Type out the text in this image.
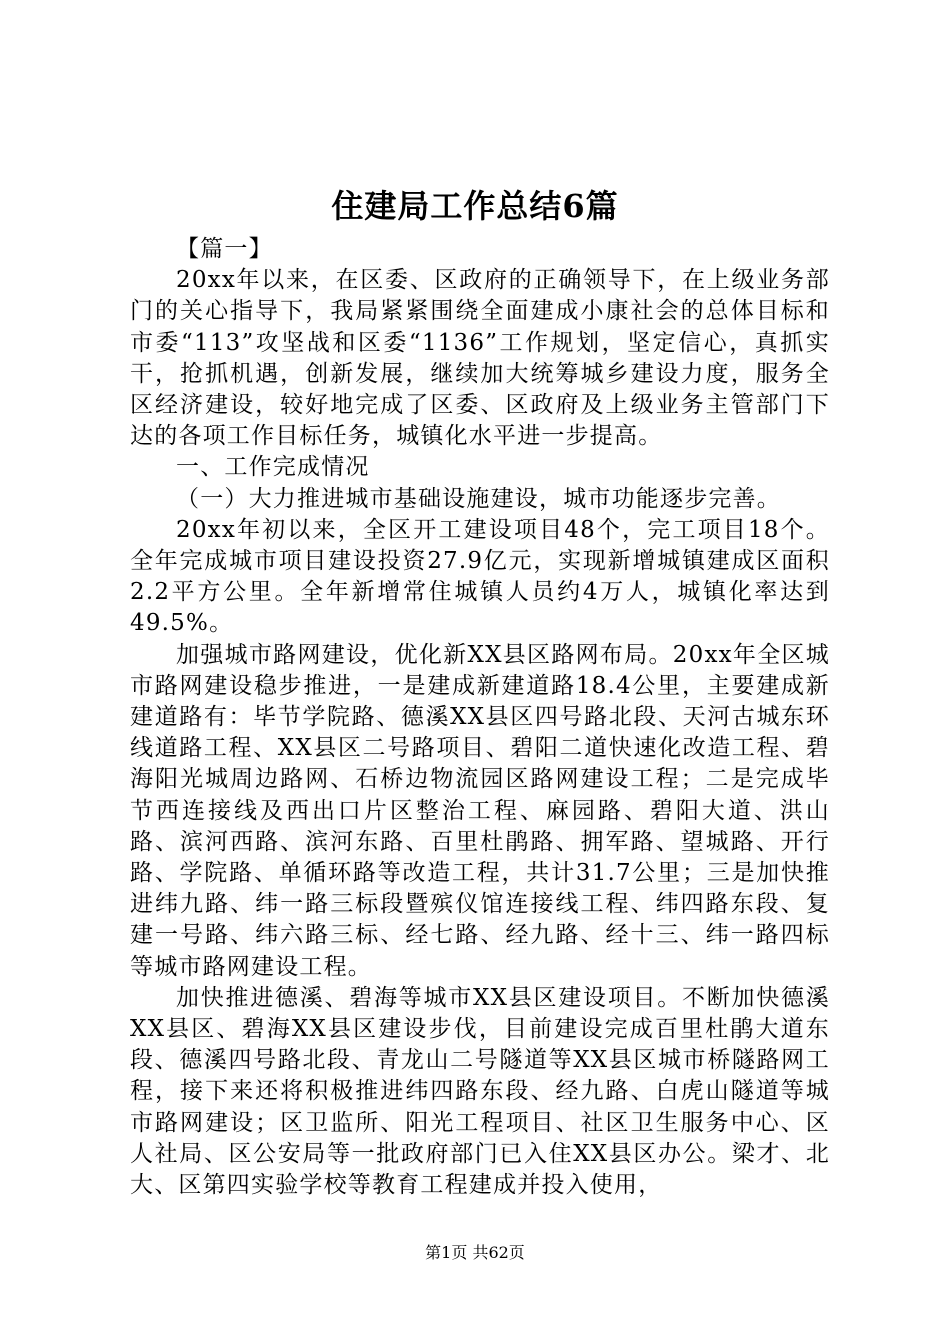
住建局工作总结6篇

【篇一】

20xx年以来，在区委、区政府的正确领导下，在上级业务部门的关心指导下，我局紧紧围绕全面建成小康社会的总体目标和市委“113”攻坚战和区委“1136”工作规划，坚定信心，真抓实干，抢抓机遇，创新发展，继续加大统筹城乡建设力度，服务全区经济建设，较好地完成了区委、区政府及上级业务主管部门下达的各项工作目标任务，城镇化水平进一步提高。

一、工作完成情况

（一）大力推进城市基础设施建设，城市功能逐步完善。

20xx年初以来，全区开工建设项目48个，完工项目18个。全年完成城市项目建设投资27.9亿元，实现新增城镇建成区面积2.2平方公里。全年新增常住城镇人员约4万人，城镇化率达到49.5%。

加强城市路网建设，优化新XX县区路网布局。20xx年全区城市路网建设稳步推进，一是建成新建道路18.4公里，主要建成新建道路有：毕节学院路、德溪XX县区四号路北段、天河古城东环线道路工程、XX县区二号路项目、碧阳二道快速化改造工程、碧海阳光城周边路网、石桥边物流园区路网建设工程；二是完成毕节西连接线及西出口片区整治工程、麻园路、碧阳大道、洪山路、滨河西路、滨河东路、百里杜鹃路、拥军路、望城路、开行路、学院路、单循环路等改造工程，共计31.7公里；三是加快推进纬九路、纬一路三标段暨殡仪馆连接线工程、纬四路东段、复建一号路、纬六路三标、经七路、经九路、经十三、纬一路四标等城市路网建设工程。

加快推进德溪、碧海等城市XX县区建设项目。不断加快德溪XX县区、碧海XX县区建设步伐，目前建设完成百里杜鹃大道东段、德溪四号路北段、青龙山二号隧道等XX县区城市桥隧路网工程，接下来还将积极推进纬四路东段、经九路、白虎山隧道等城市路网建设；区卫监所、阳光工程项目、社区卫生服务中心、区人社局、区公安局等一批政府部门已入住XX县区办公。梁才、北大、区第四实验学校等教育工程建成并投入使用，

第1页 共62页
